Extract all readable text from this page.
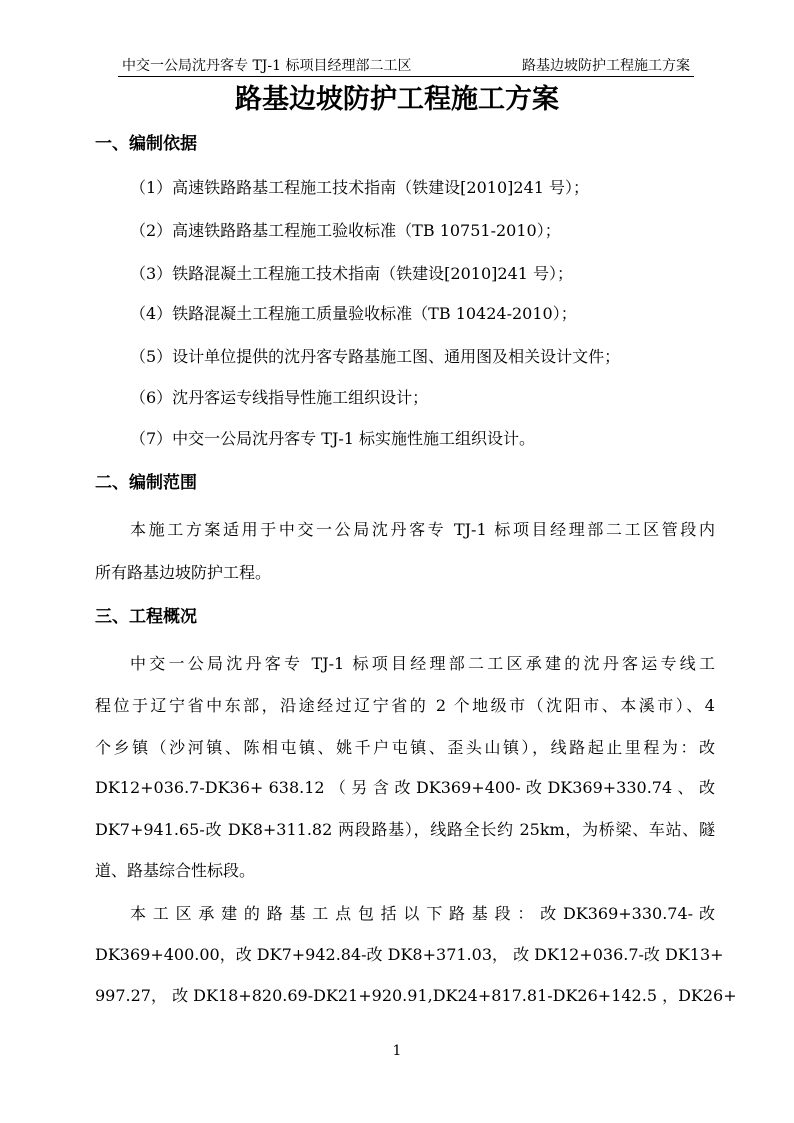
中交一公局沈丹客专 TJ-1 标项目经理部二工区	路基边坡防护工程施工方案
路基边坡防护工程施工方案
一、编制依据
（1）高速铁路路基工程施工技术指南（铁建设[2010]241 号）；
（2）高速铁路路基工程施工验收标准（TB 10751-2010）；
（3）铁路混凝土工程施工技术指南（铁建设[2010]241 号）；
（4）铁路混凝土工程施工质量验收标准（TB 10424-2010）；
（5）设计单位提供的沈丹客专路基施工图、通用图及相关设计文件；
（6）沈丹客运专线指导性施工组织设计；
（7）中交一公局沈丹客专 TJ-1 标实施性施工组织设计。
二、编制范围
本施工方案适用于中交一公局沈丹客专 TJ-1 标项目经理部二工区管段内
所有路基边坡防护工程。
三、工程概况
中交一公局沈丹客专 TJ-1 标项目经理部二工区承建的沈丹客运专线工
程位于辽宁省中东部，沿途经过辽宁省的 2 个地级市（沈阳市、本溪市）、4
个乡镇（沙河镇、陈相屯镇、姚千户屯镇、歪头山镇），线路起止里程为：改
DK12+036.7-DK36+ 638.12 （ 另 含 改 DK369+400- 改 DK369+330.74 、 改
DK7+941.65-改 DK8+311.82 两段路基），线路全长约 25km，为桥梁、车站、隧
道、路基综合性标段。
本 工 区 承 建 的 路 基 工 点 包 括 以 下 路 基 段 ： 改 DK369+330.74- 改
DK369+400.00，改 DK7+942.84-改 DK8+371.03， 改 DK12+036.7-改 DK13+
997.27， 改 DK18+820.69-DK21+920.91,DK24+817.81-DK26+142.5 ，DK26+
1
